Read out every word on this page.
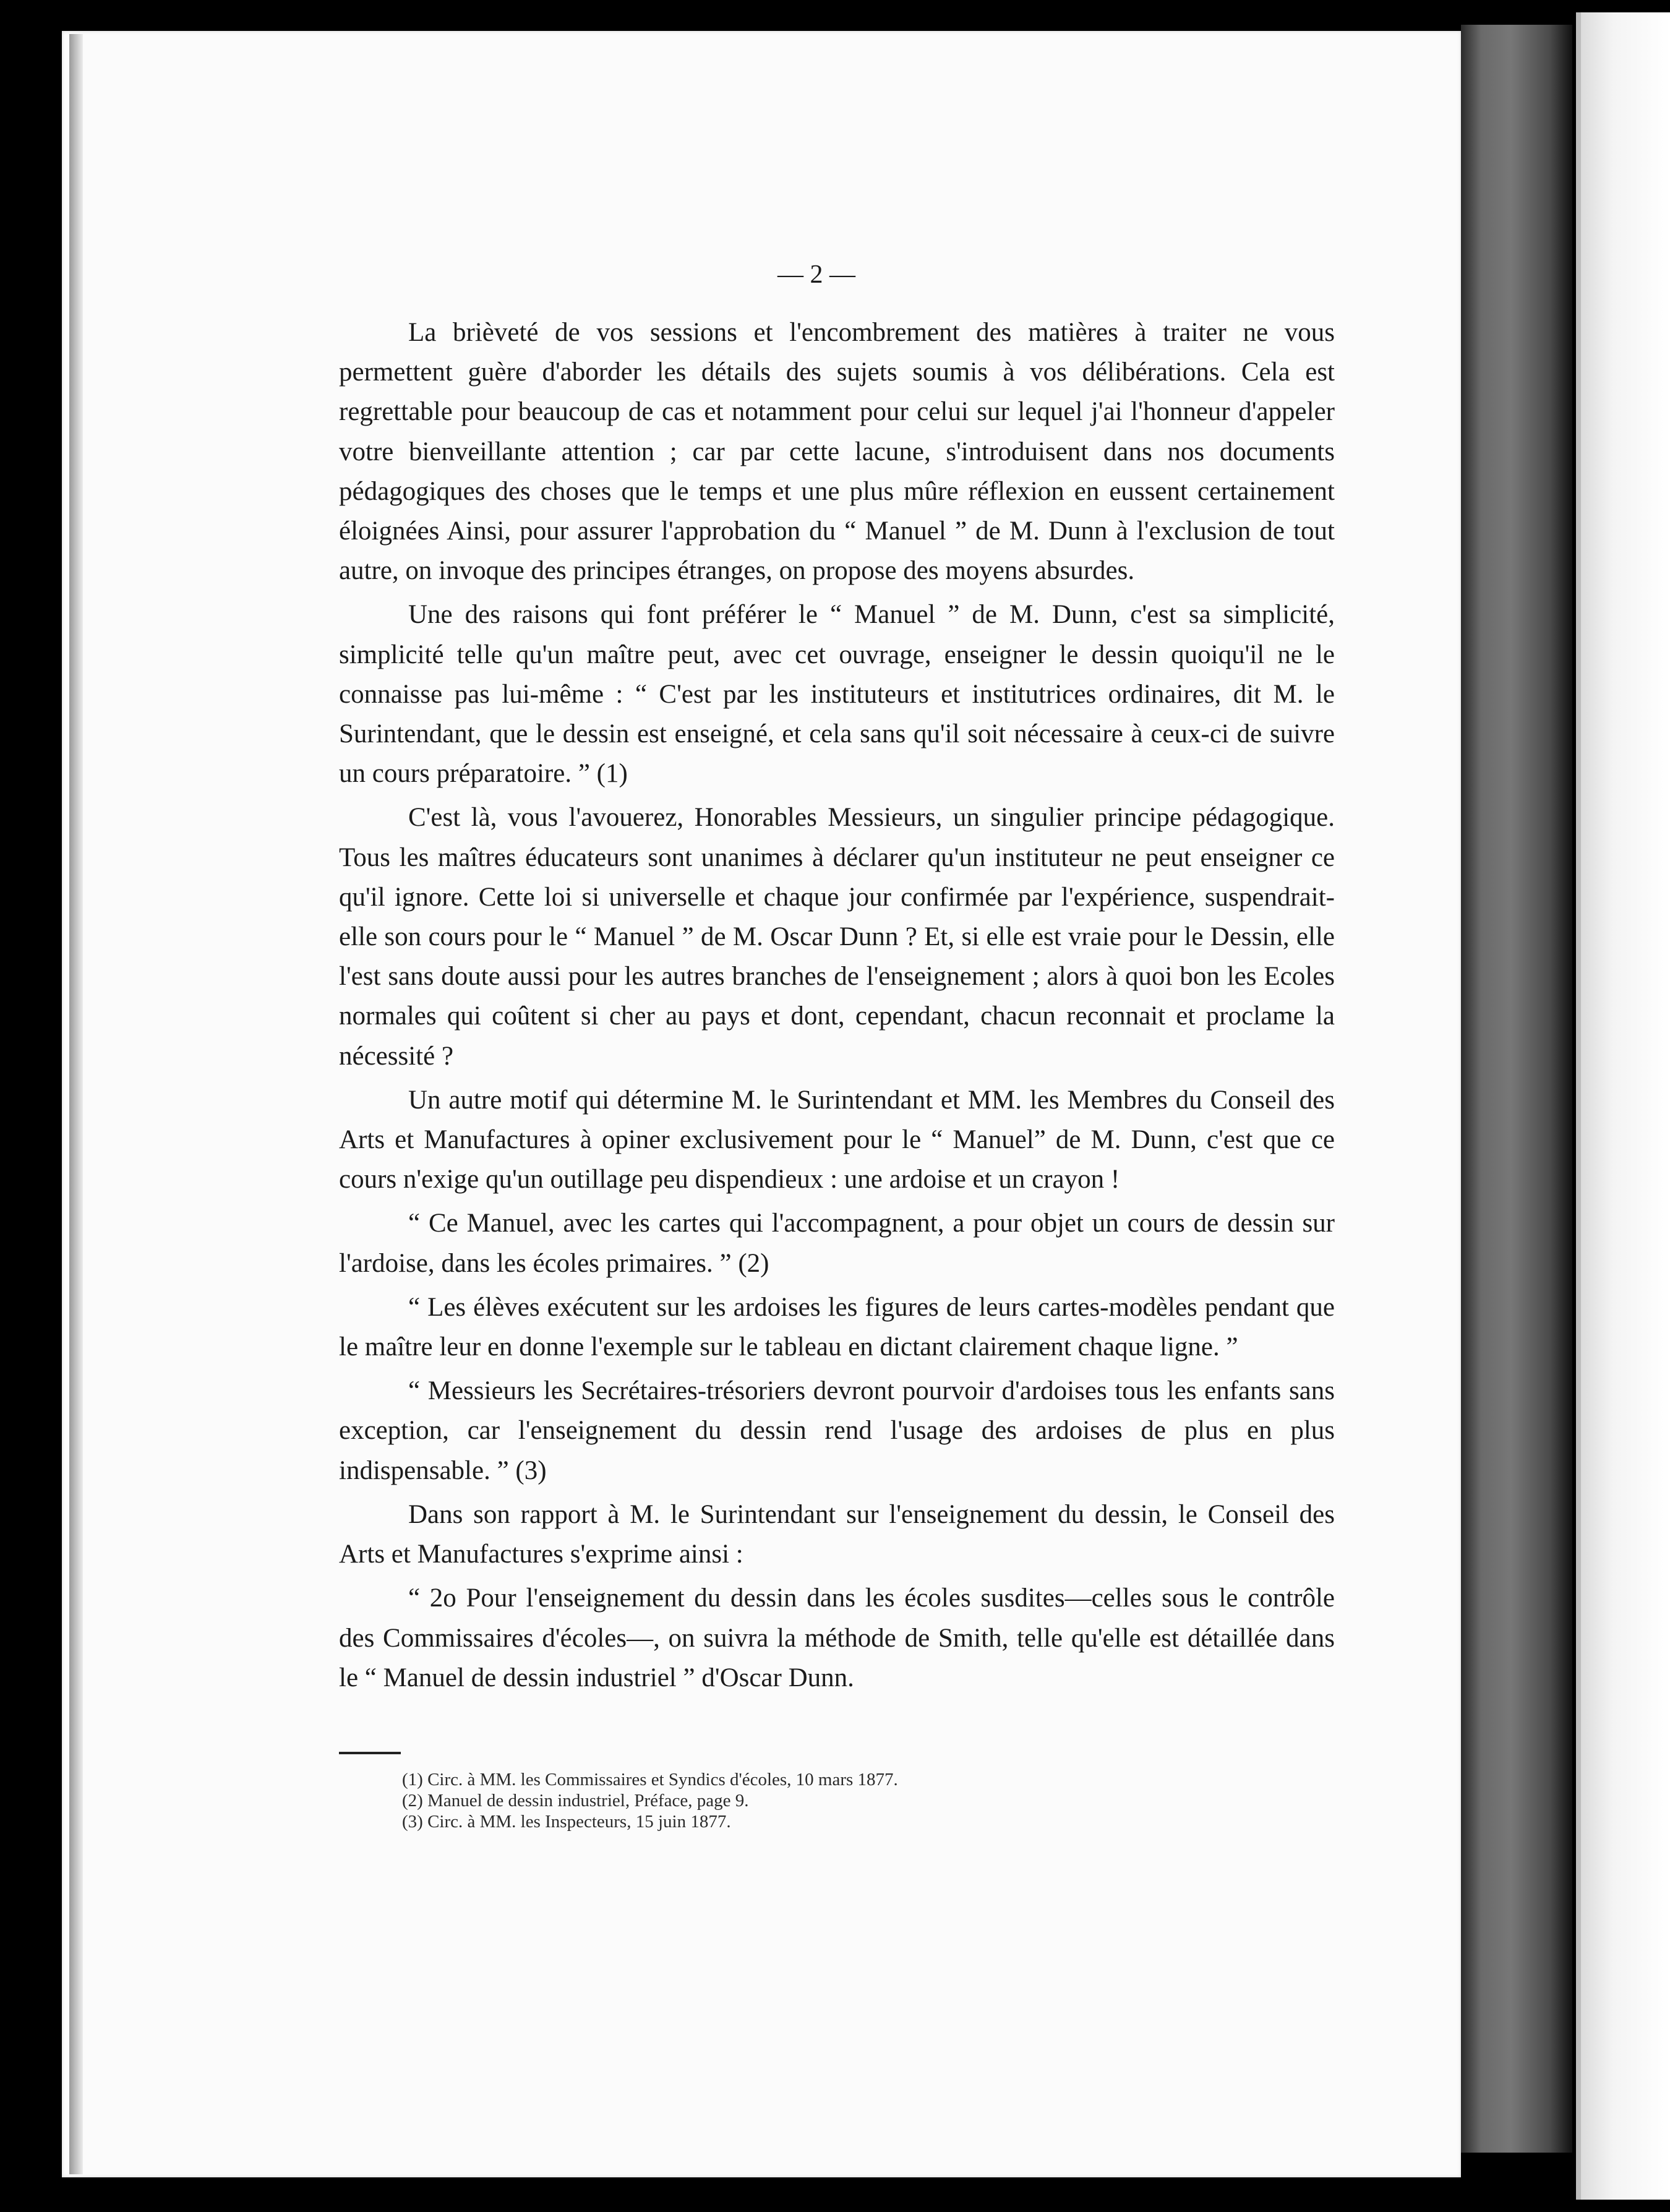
— 2 —

La brièveté de vos sessions et l'encombrement des matières à traiter ne vous permettent guère d'aborder les détails des sujets soumis à vos délibérations. Cela est regrettable pour beaucoup de cas et notamment pour celui sur lequel j'ai l'honneur d'appeler votre bienveillante attention ; car par cette lacune, s'introduisent dans nos documents pédagogiques des choses que le temps et une plus mûre réflexion en eussent certainement éloignées Ainsi, pour assurer l'approbation du “ Manuel ” de M. Dunn à l'exclusion de tout autre, on invoque des principes étranges, on propose des moyens absurdes.

Une des raisons qui font préférer le “ Manuel ” de M. Dunn, c'est sa simplicité, simplicité telle qu'un maître peut, avec cet ouvrage, enseigner le dessin quoiqu'il ne le connaisse pas lui-même : “ C'est par les instituteurs et institutrices ordinaires, dit M. le Surintendant, que le dessin est enseigné, et cela sans qu'il soit nécessaire à ceux-ci de suivre un cours préparatoire. ” (1)

C'est là, vous l'avouerez, Honorables Messieurs, un singulier principe pédagogique. Tous les maîtres éducateurs sont unanimes à déclarer qu'un instituteur ne peut enseigner ce qu'il ignore. Cette loi si universelle et chaque jour confirmée par l'expérience, suspendrait-elle son cours pour le “ Manuel ” de M. Oscar Dunn ? Et, si elle est vraie pour le Dessin, elle l'est sans doute aussi pour les autres branches de l'enseignement ; alors à quoi bon les Ecoles normales qui coûtent si cher au pays et dont, cependant, chacun reconnait et proclame la nécessité ?

Un autre motif qui détermine M. le Surintendant et MM. les Membres du Conseil des Arts et Manufactures à opiner exclusivement pour le “ Manuel” de M. Dunn, c'est que ce cours n'exige qu'un outillage peu dispendieux : une ardoise et un crayon !

“ Ce Manuel, avec les cartes qui l'accompagnent, a pour objet un cours de dessin sur l'ardoise, dans les écoles primaires. ” (2)

“ Les élèves exécutent sur les ardoises les figures de leurs cartes-modèles pendant que le maître leur en donne l'exemple sur le tableau en dictant clairement chaque ligne. ”

“ Messieurs les Secrétaires-trésoriers devront pourvoir d'ardoises tous les enfants sans exception, car l'enseignement du dessin rend l'usage des ardoises de plus en plus indispensable. ” (3)

Dans son rapport à M. le Surintendant sur l'enseignement du dessin, le Conseil des Arts et Manufactures s'exprime ainsi :

“ 2o Pour l'enseignement du dessin dans les écoles susdites—celles sous le contrôle des Commissaires d'écoles—, on suivra la méthode de Smith, telle qu'elle est détaillée dans le “ Manuel de dessin industriel ” d'Oscar Dunn.

(1) Circ. à MM. les Commissaires et Syndics d'écoles, 10 mars 1877.

(2) Manuel de dessin industriel, Préface, page 9.

(3) Circ. à MM. les Inspecteurs, 15 juin 1877.
